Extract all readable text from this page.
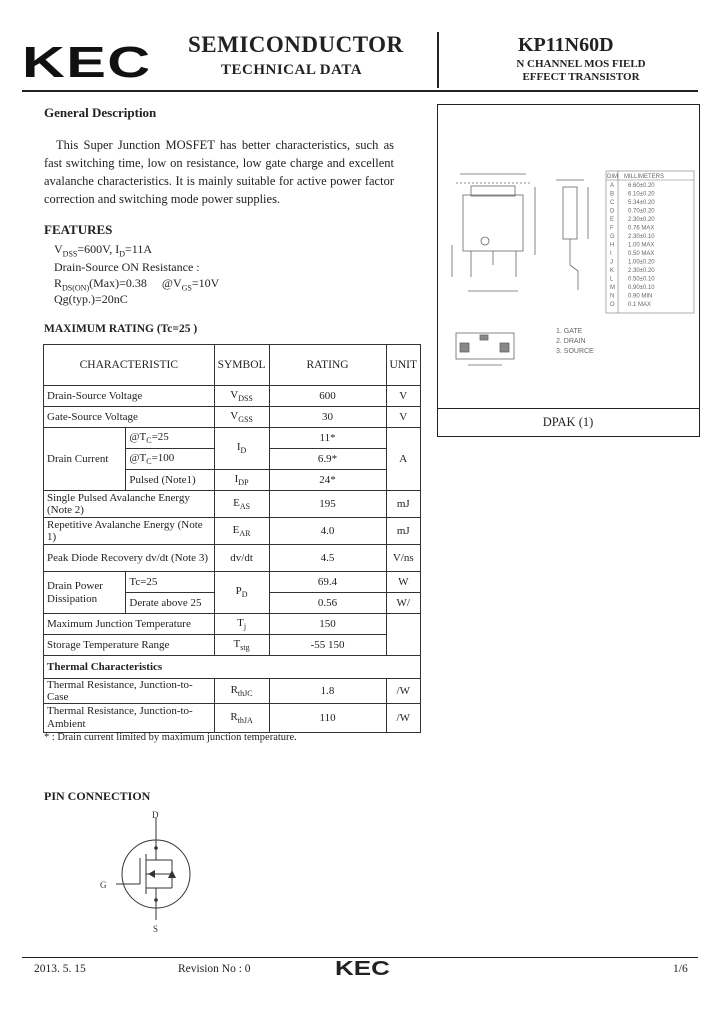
KEC SEMICONDUCTOR
TECHNICAL DATA
KP11N60D
N CHANNEL MOS FIELD
EFFECT TRANSISTOR
General Description
This Super Junction MOSFET has better characteristics, such as fast switching time, low on resistance, low gate charge and excellent avalanche characteristics. It is mainly suitable for active power factor correction and switching mode power supplies.
FEATURES
$V_{DSS}=600V$, $I_D=11A$
Drain-Source ON Resistance :
$R_{DS(ON)}(Max)=0.38$ $@V_{GS}=10V$
Qg(typ.)=20nC
MAXIMUM RATING (Tc=25 )
DIM MILLIMETERS
A 6.60±0.20
B 6.10±0.20
C 5.34±0.20
D 0.70±0.20
E 2.30±0.20
F 0.76 MAX
G 2.30±0.10
H 1.00 MAX
I	0.50 MAX
J	1.00±0.20
K 2.30±0.20
L 0.50±0.10
M 0.90±0.10
N 0.90 MIN
O 0.1 MAX
1. GATE
2. DRAIN
3. SOURCE
DPAK (1)
CHARACTERISTIC		SYMBOL	RATING	UNIT
Drain-Source Voltage		$V_{DSS}$	600	V
Gate-Source Voltage		$V_{GSS}$	30	V
Drain Current	$@T_C=25$	$I_D$	11*	A
	$@T_C=100$		6.9*	
	Pulsed (Note1)	$I_{DP}$	24*	
Single Pulsed Avalanche Energy (Note 2)		$E_{AS}$	195	mJ
Repetitive Avalanche Energy (Note 1)		$E_{AR}$	4.0	mJ
Peak Diode Recovery dv/dt (Note 3)		dv/dt	4.5	V/ns
Drain Power Dissipation	Tc=25	$P_D$	69.4	W
	Derate above 25		0.56	W/
Maximum Junction Temperature		$T_j$	150	
Storage Temperature Range		$T_{stg}$	-55 150	
Thermal Characteristics				
Thermal Resistance, Junction-to-Case		$R_{thJC}$	1.8	/W
Thermal Resistance, Junction-to-Ambient		$R_{thJA}$	110	/W
* : Drain current limited by maximum junction temperature.
PIN CONNECTION
D
G
S
2013. 5. 15	Revision No : 0	KEC	1/6
